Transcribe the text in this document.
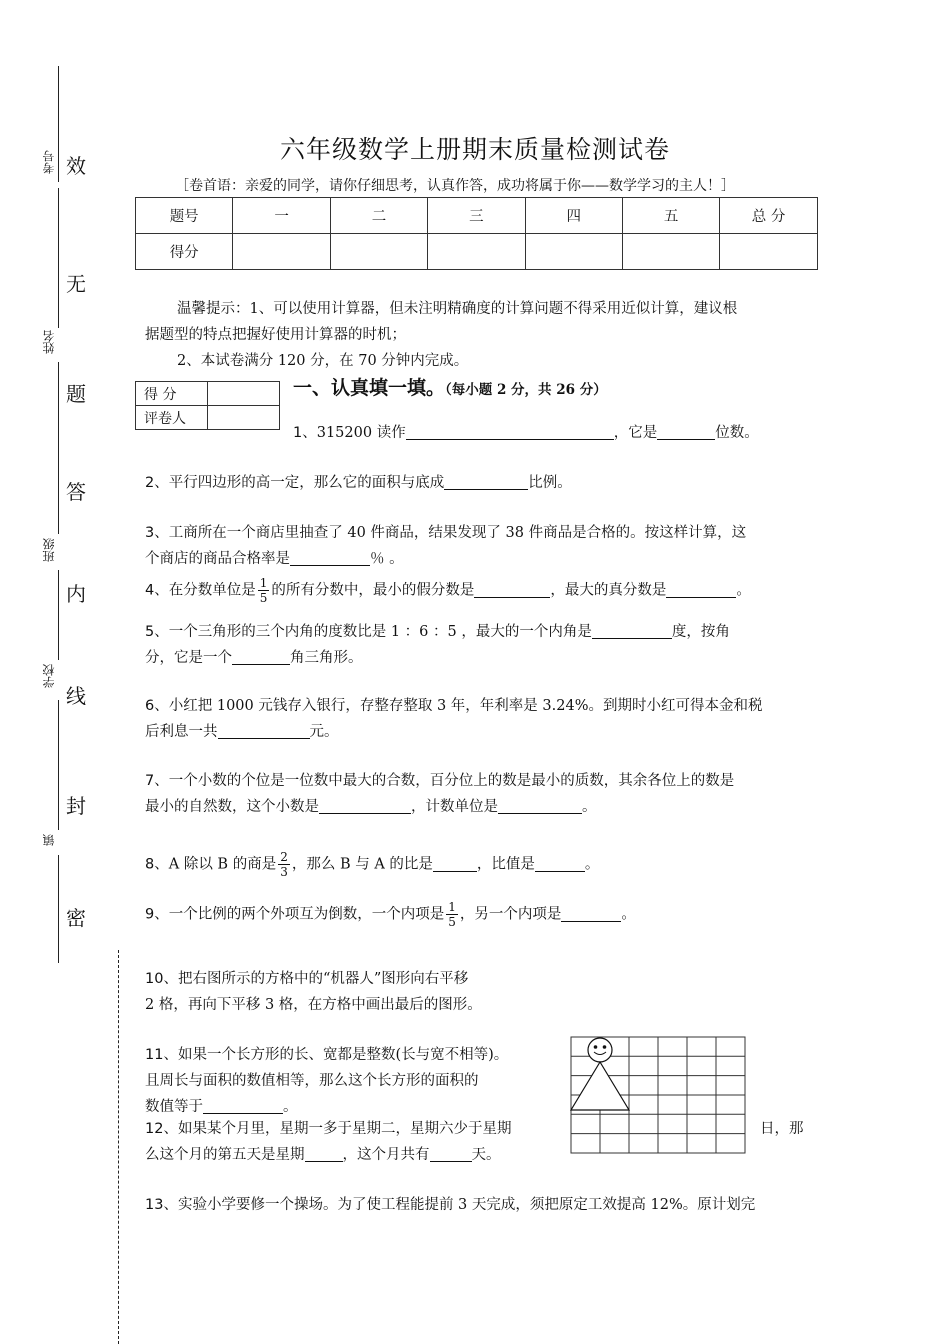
考号
姓名
班级
学校
镇
效
无
题
答
内
线
封
密
六年级数学上册期末质量检测试卷
［卷首语：亲爱的同学，请你仔细思考，认真作答，成功将属于你——数学学习的主人！］
题号	一	二	三	四	五	总 分
得分						
温馨提示：1、可以使用计算器，但未注明精确度的计算问题不得采用近似计算，建议根
据题型的特点把握好使用计算器的时机；
2、本试卷满分 120 分，在 70 分钟内完成。
得 分	
评卷人	
一、认真填一填。（每小题 2 分，共 26 分）
1、315200 读作	，它是	位数。
2、平行四边形的高一定，那么它的面积与底成	比例。
3、工商所在一个商店里抽查了 40 件商品，结果发现了 38 件商品是合格的。按这样计算，这
个商店的商品合格率是	％ 。
4、在分数单位是 $\frac{1}{5}$ 的所有分数中，最小的假分数是	，最大的真分数是	。
5、一个三角形的三个内角的度数比是 1 ：6 ：5 ，最大的一个内角是	度，按角
分，它是一个	角三角形。
6、小红把 1000 元钱存入银行，存整存整取 3 年，年利率是 3.24%。到期时小红可得本金和税
后利息一共	元。
7、一个小数的个位是一位数中最大的合数，百分位上的数是最小的质数，其余各位上的数是
最小的自然数，这个小数是	，计数单位是	。
8、A 除以 B 的商是 $\frac{2}{3}$ ，那么 B 与 A 的比是	，比值是	。
9、一个比例的两个外项互为倒数，一个内项是 $\frac{1}{5}$ ，另一个内项是	。
10、把右图所示的方格中的“机器人”图形向右平移
2 格，再向下平移 3 格，在方格中画出最后的图形。
11、如果一个长方形的长、宽都是整数(长与宽不相等)。
且周长与面积的数值相等，那么这个长方形的面积的
数值等于	。
12、如果某个月里，星期一多于星期二，星期六少于星期
么这个月的第五天是星期	，这个月共有	天。
日，那
13、实验小学要修一个操场。为了使工程能提前 3 天完成，须把原定工效提高 12%。原计划完
